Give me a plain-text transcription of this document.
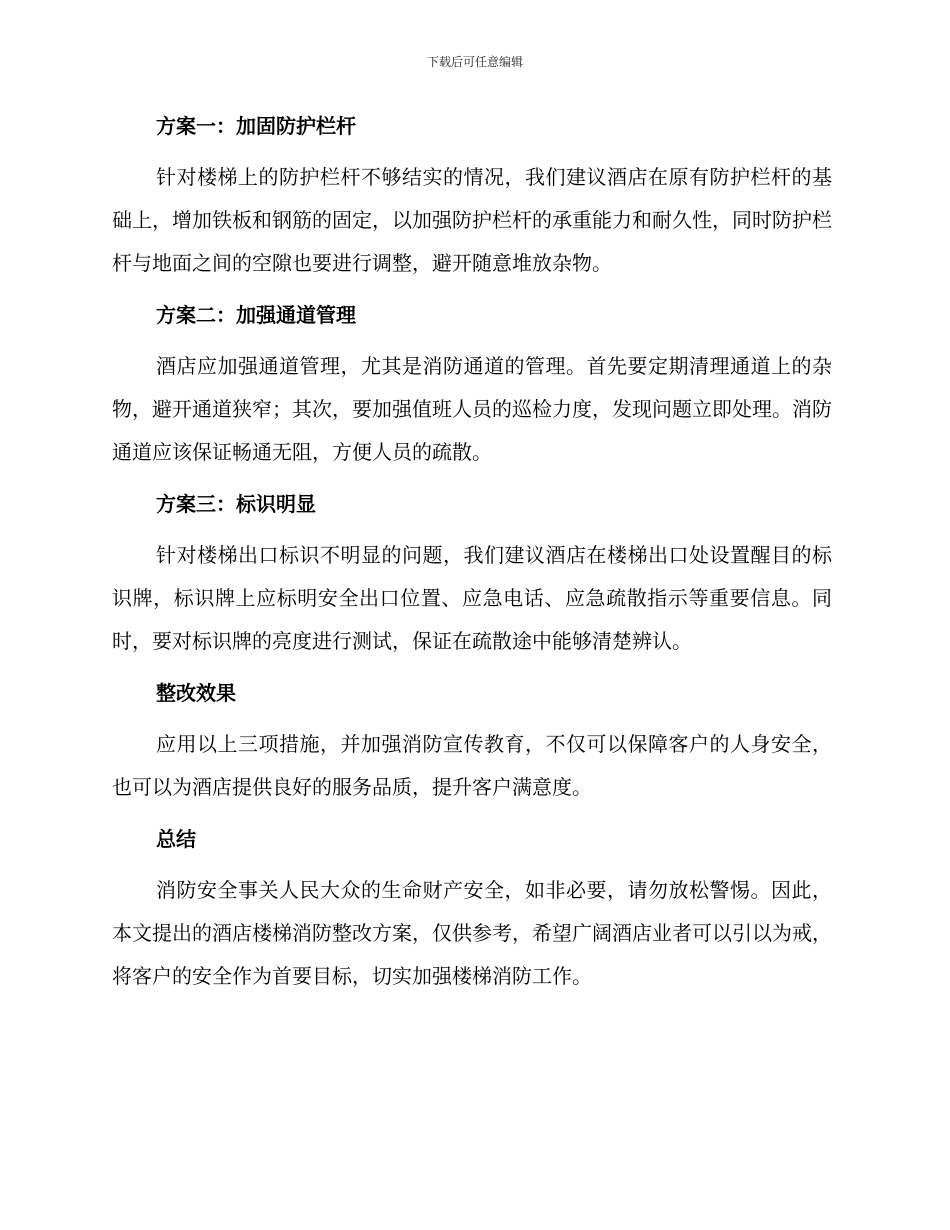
下载后可任意编辑
方案一：加固防护栏杆

针对楼梯上的防护栏杆不够结实的情况，我们建议酒店在原有防护栏杆的基础上，增加铁板和钢筋的固定，以加强防护栏杆的承重能力和耐久性，同时防护栏杆与地面之间的空隙也要进行调整，避开随意堆放杂物。

方案二：加强通道管理

酒店应加强通道管理，尤其是消防通道的管理。首先要定期清理通道上的杂物，避开通道狭窄；其次，要加强值班人员的巡检力度，发现问题立即处理。消防通道应该保证畅通无阻，方便人员的疏散。

方案三：标识明显

针对楼梯出口标识不明显的问题，我们建议酒店在楼梯出口处设置醒目的标识牌，标识牌上应标明安全出口位置、应急电话、应急疏散指示等重要信息。同时，要对标识牌的亮度进行测试，保证在疏散途中能够清楚辨认。

整改效果

应用以上三项措施，并加强消防宣传教育，不仅可以保障客户的人身安全，也可以为酒店提供良好的服务品质，提升客户满意度。

总结

消防安全事关人民大众的生命财产安全，如非必要，请勿放松警惕。因此，本文提出的酒店楼梯消防整改方案，仅供参考，希望广阔酒店业者可以引以为戒，将客户的安全作为首要目标，切实加强楼梯消防工作。
